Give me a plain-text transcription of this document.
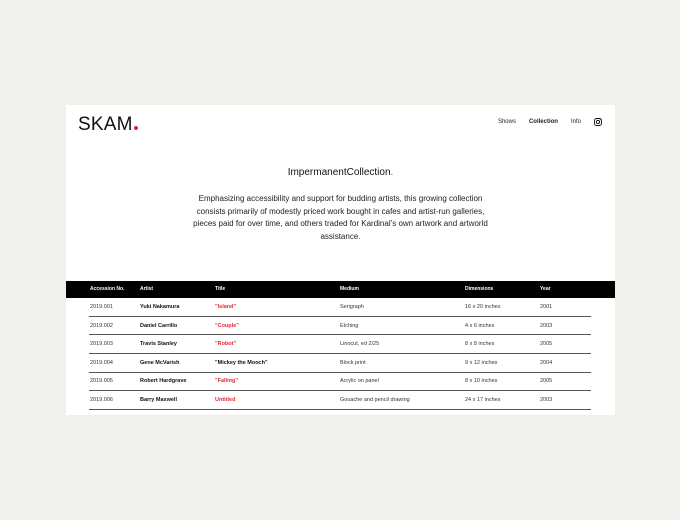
SKAM	Shows Collection Info
ImpermanentCollection.

Emphasizing accessibility and support for budding artists, this growing collection consists primarily of modestly priced work bought in cafes and artist-run galleries, pieces paid for over time, and others traded for Kardinal’s own artwork and artworld assistance.

Accession No.	Artist	Title	Medium	Dimensions	Year
2019.001	Yuki Nakamura	"Island"	Serigraph	16 x 20 inches	2001
2019.002	Daniel Carrillo	"Couple"	Etching	4 x 6 inches	2003
2019.003	Travis Stanley	"Robot"	Linocut, ed 2/25	8 x 8 inches	2005
2019.004	Gene McVarish	"Mickey the Mooch"	Block print	9 x 12 inches	2004
2019.005	Robert Hardgrave	"Falling"	Acrylic on panel	8 x 10 inches	2005
2019.006	Barry Maxwell	Untitled	Gouache and pencil drawing	24 x 17 inches	2003
